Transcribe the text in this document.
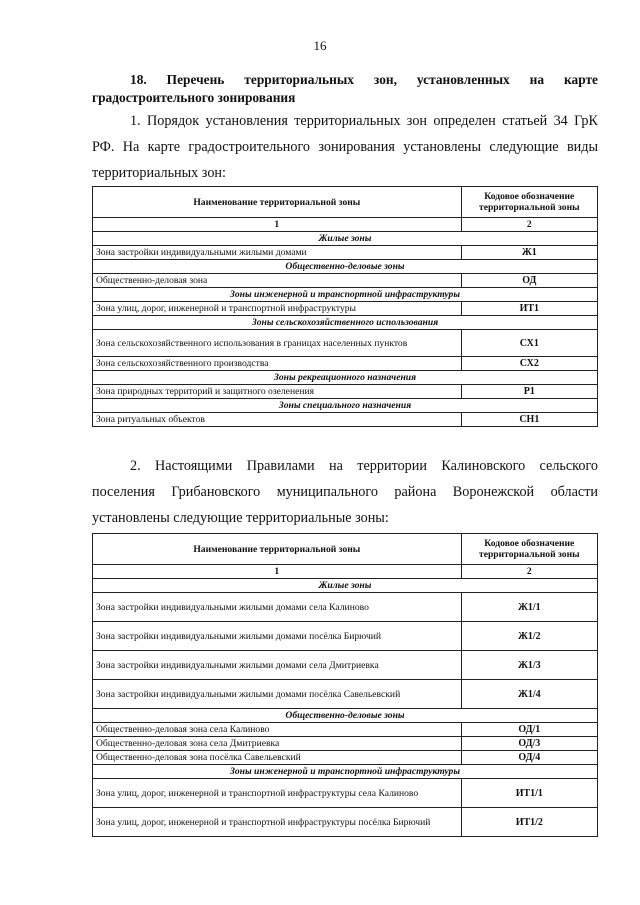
16
18. Перечень территориальных зон, установленных на карте градостроительного зонирования
1. Порядок установления территориальных зон определен статьей 34 ГрК РФ. На карте градостроительного зонирования установлены следующие виды территориальных зон:
Наименование территориальной зоны	Кодовое обозначение территориальной зоны
1	2
Жилые зоны	
Зона застройки индивидуальными жилыми домами	Ж1
Общественно-деловые зоны	
Общественно-деловая зона	ОД
Зоны инженерной и транспортной инфраструктуры	
Зона улиц, дорог, инженерной и транспортной инфраструктуры	ИТ1
Зоны сельскохозяйственного использования	
Зона сельскохозяйственного использования в границах населенных пунктов	СХ1
Зона сельскохозяйственного производства	СХ2
Зоны рекреационного назначения	
Зона природных территорий и защитного озеленения	Р1
Зоны специального назначения	
Зона ритуальных объектов	СН1
2. Настоящими Правилами на территории Калиновского сельского поселения Грибановского муниципального района Воронежской области установлены следующие территориальные зоны:
Наименование территориальной зоны	Кодовое обозначение территориальной зоны
1	2
Жилые зоны	
Зона застройки индивидуальными жилыми домами села Калиново	Ж1/1
Зона застройки индивидуальными жилыми домами посёлка Бирючий	Ж1/2
Зона застройки индивидуальными жилыми домами села Дмитриевка	Ж1/3
Зона застройки индивидуальными жилыми домами посёлка Савельевский	Ж1/4
Общественно-деловые зоны	
Общественно-деловая зона села Калиново	ОД/1
Общественно-деловая зона села Дмитриевка	ОД/3
Общественно-деловая зона посёлка Савельевский	ОД/4
Зоны инженерной и транспортной инфраструктуры	
Зона улиц, дорог, инженерной и транспортной инфраструктуры села Калиново	ИТ1/1
Зона улиц, дорог, инженерной и транспортной инфраструктуры посёлка Бирючий	ИТ1/2
